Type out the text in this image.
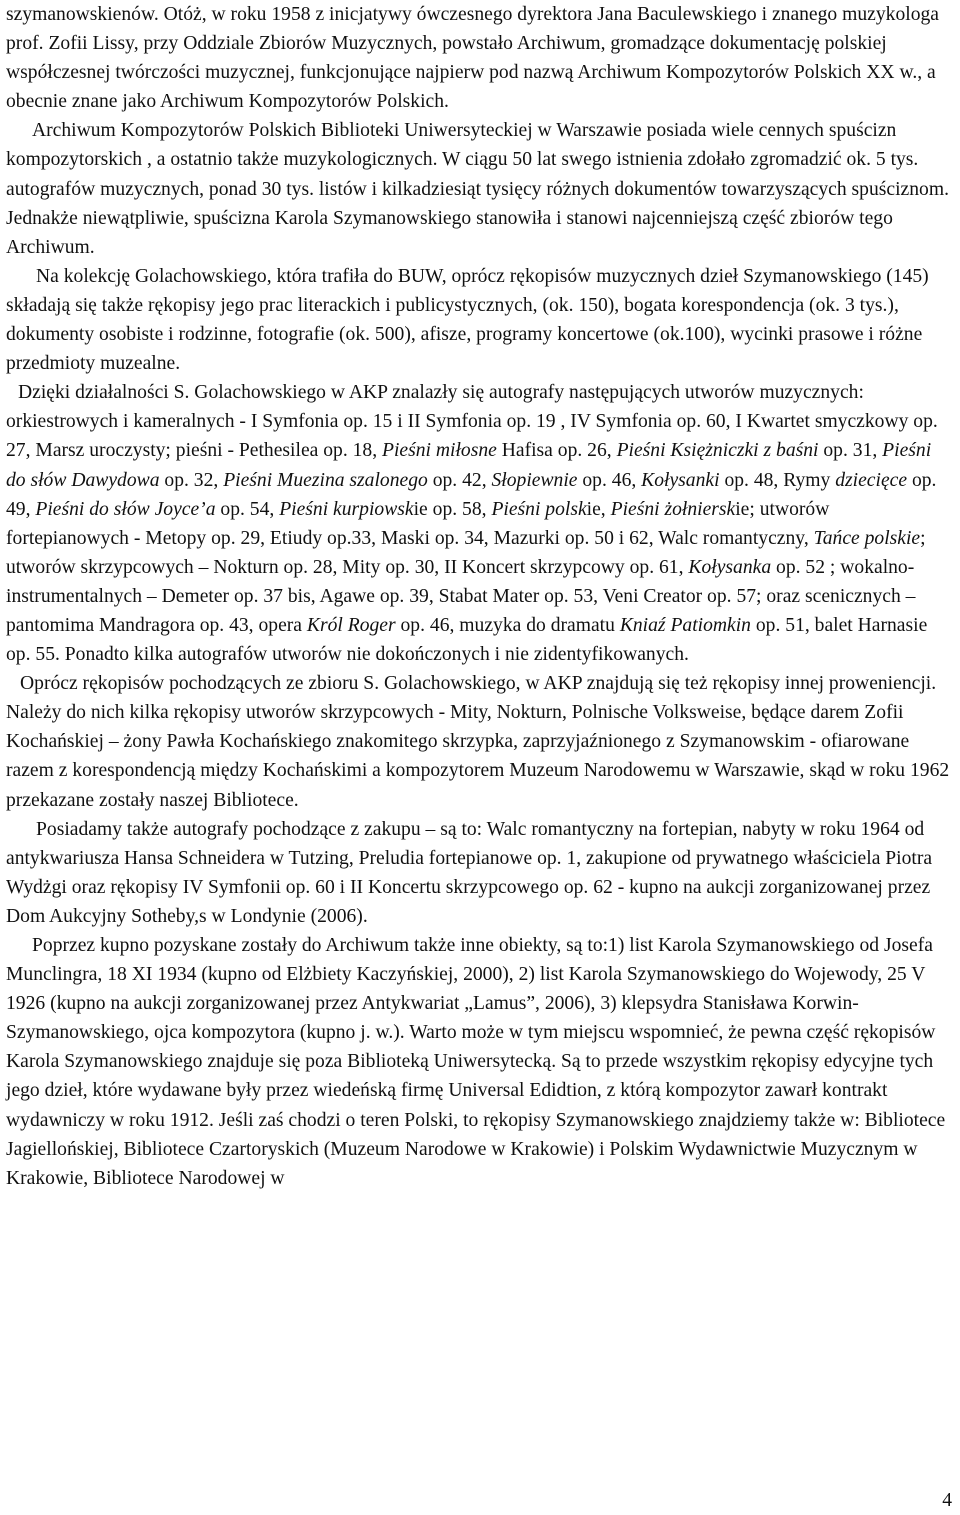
szymanowskienów. Otóż, w roku 1958 z inicjatywy ówczesnego dyrektora Jana Baculewskiego i znanego muzykologa prof. Zofii Lissy, przy Oddziale Zbiorów Muzycznych, powstało Archiwum, gromadzące dokumentację polskiej współczesnej twórczości muzycznej, funkcjonujące najpierw pod nazwą Archiwum Kompozytorów Polskich XX w., a obecnie znane jako Archiwum Kompozytorów Polskich.

Archiwum Kompozytorów Polskich Biblioteki Uniwersyteckiej w Warszawie posiada wiele cennych spuścizn kompozytorskich , a ostatnio także muzykologicznych. W ciągu 50 lat swego istnienia zdołało zgromadzić ok. 5 tys. autografów muzycznych, ponad 30 tys. listów i kilkadziesiąt tysięcy różnych dokumentów towarzyszących spuściznom. Jednakże niewątpliwie, spuścizna Karola Szymanowskiego stanowiła i stanowi najcenniejszą część zbiorów tego Archiwum.

Na kolekcję Golachowskiego, która trafiła do BUW, oprócz rękopisów muzycznych dzieł Szymanowskiego (145) składają się także rękopisy jego prac literackich i publicystycznych, (ok. 150), bogata korespondencja (ok. 3 tys.), dokumenty osobiste i rodzinne, fotografie (ok. 500), afisze, programy koncertowe (ok.100), wycinki prasowe i różne przedmioty muzealne.

Dzięki działalności S. Golachowskiego w AKP znalazły się autografy następujących utworów muzycznych: orkiestrowych i kameralnych - I Symfonia op. 15 i II Symfonia op. 19 , IV Symfonia op. 60, I Kwartet smyczkowy op. 27, Marsz uroczysty; pieśni - Pethesilea op. 18, Pieśni miłosne Hafisa op. 26, Pieśni Księżniczki z baśni op. 31, Pieśni do słów Dawydowa op. 32, Pieśni Muezina szalonego op. 42, Słopiewnie op. 46, Kołysanki op. 48, Rymy dziecięce op. 49, Pieśni do słów Joyce’a op. 54, Pieśni kurpiowskie op. 58, Pieśni polskie, Pieśni żołnierskie; utworów fortepianowych - Metopy op. 29, Etiudy op.33, Maski op. 34, Mazurki op. 50 i 62, Walc romantyczny, Tańce polskie; utworów skrzypcowych – Nokturn op. 28, Mity op. 30, II Koncert skrzypcowy op. 61, Kołysanka op. 52 ; wokalno-instrumentalnych – Demeter op. 37 bis, Agawe op. 39, Stabat Mater op. 53, Veni Creator op. 57; oraz scenicznych – pantomima Mandragora op. 43, opera Król Roger op. 46, muzyka do dramatu Kniaź Patiomkin op. 51, balet Harnasie op. 55. Ponadto kilka autografów utworów nie dokończonych i nie zidentyfikowanych.

Oprócz rękopisów pochodzących ze zbioru S. Golachowskiego, w AKP znajdują się też rękopisy innej proweniencji. Należy do nich kilka rękopisy utworów skrzypcowych - Mity, Nokturn, Polnische Volksweise, będące darem Zofii Kochańskiej – żony Pawła Kochańskiego znakomitego skrzypka, zaprzyjaźnionego z Szymanowskim - ofiarowane razem z korespondencją między Kochańskimi a kompozytorem Muzeum Narodowemu w Warszawie, skąd w roku 1962 przekazane zostały naszej Bibliotece.

Posiadamy także autografy pochodzące z zakupu – są to: Walc romantyczny na fortepian, nabyty w roku 1964 od antykwariusza Hansa Schneidera w Tutzing, Preludia fortepianowe op. 1, zakupione od prywatnego właściciela Piotra Wydżgi oraz rękopisy IV Symfonii op. 60 i II Koncertu skrzypcowego op. 62 - kupno na aukcji zorganizowanej przez Dom Aukcyjny Sotheby,s w Londynie (2006).

Poprzez kupno pozyskane zostały do Archiwum także inne obiekty, są to:1) list Karola Szymanowskiego od Josefa Munclingra, 18 XI 1934 (kupno od Elżbiety Kaczyńskiej, 2000), 2) list Karola Szymanowskiego do Wojewody, 25 V 1926 (kupno na aukcji zorganizowanej przez Antykwariat „Lamus”, 2006), 3) klepsydra Stanisława Korwin-Szymanowskiego, ojca kompozytora (kupno j. w.). Warto może w tym miejscu wspomnieć, że pewna część rękopisów Karola Szymanowskiego znajduje się poza Biblioteką Uniwersytecką. Są to przede wszystkim rękopisy edycyjne tych jego dzieł, które wydawane były przez wiedeńską firmę Universal Edidtion, z którą kompozytor zawarł kontrakt wydawniczy w roku 1912. Jeśli zaś chodzi o teren Polski, to rękopisy Szymanowskiego znajdziemy także w: Bibliotece Jagiellońskiej, Bibliotece Czartoryskich (Muzeum Narodowe w Krakowie) i Polskim Wydawnictwie Muzycznym w Krakowie, Bibliotece Narodowej w

4
